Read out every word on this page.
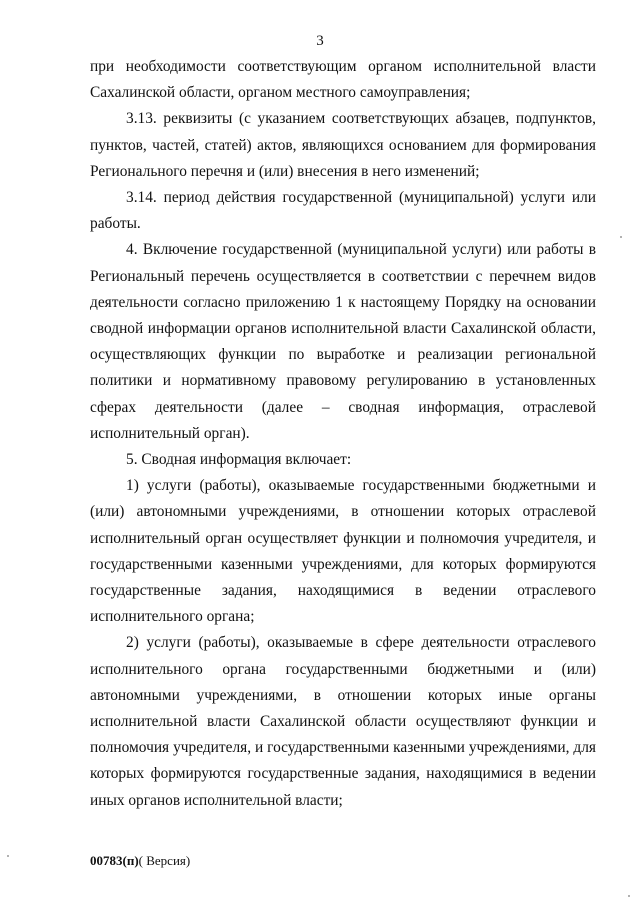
3
при необходимости соответствующим органом исполнительной власти
Сахалинской области, органом местного самоуправления;
3.13. реквизиты (с указанием соответствующих абзацев, подпунктов,
пунктов, частей, статей) актов, являющихся основанием для формирования
Регионального перечня и (или) внесения в него изменений;
3.14. период действия государственной (муниципальной) услуги или
работы.
4. Включение государственной (муниципальной услуги) или работы в
Региональный перечень осуществляется в соответствии с перечнем видов
деятельности согласно приложению 1 к настоящему Порядку на основании
сводной информации органов исполнительной власти Сахалинской области,
осуществляющих функции по выработке и реализации региональной
политики и нормативному правовому регулированию в установленных
сферах деятельности (далее – сводная информация, отраслевой
исполнительный орган).
5. Сводная информация включает:
1) услуги (работы), оказываемые государственными бюджетными и
(или) автономными учреждениями, в отношении которых отраслевой
исполнительный орган осуществляет функции и полномочия учредителя, и
государственными казенными учреждениями, для которых формируются
государственные задания, находящимися в ведении отраслевого
исполнительного органа;
2) услуги (работы), оказываемые в сфере деятельности отраслевого
исполнительного органа государственными бюджетными и (или)
автономными учреждениями, в отношении которых иные органы
исполнительной власти Сахалинской области осуществляют функции и
полномочия учредителя, и государственными казенными учреждениями, для
которых формируются государственные задания, находящимися в ведении
иных органов исполнительной власти;
00783(п)( Версия)
